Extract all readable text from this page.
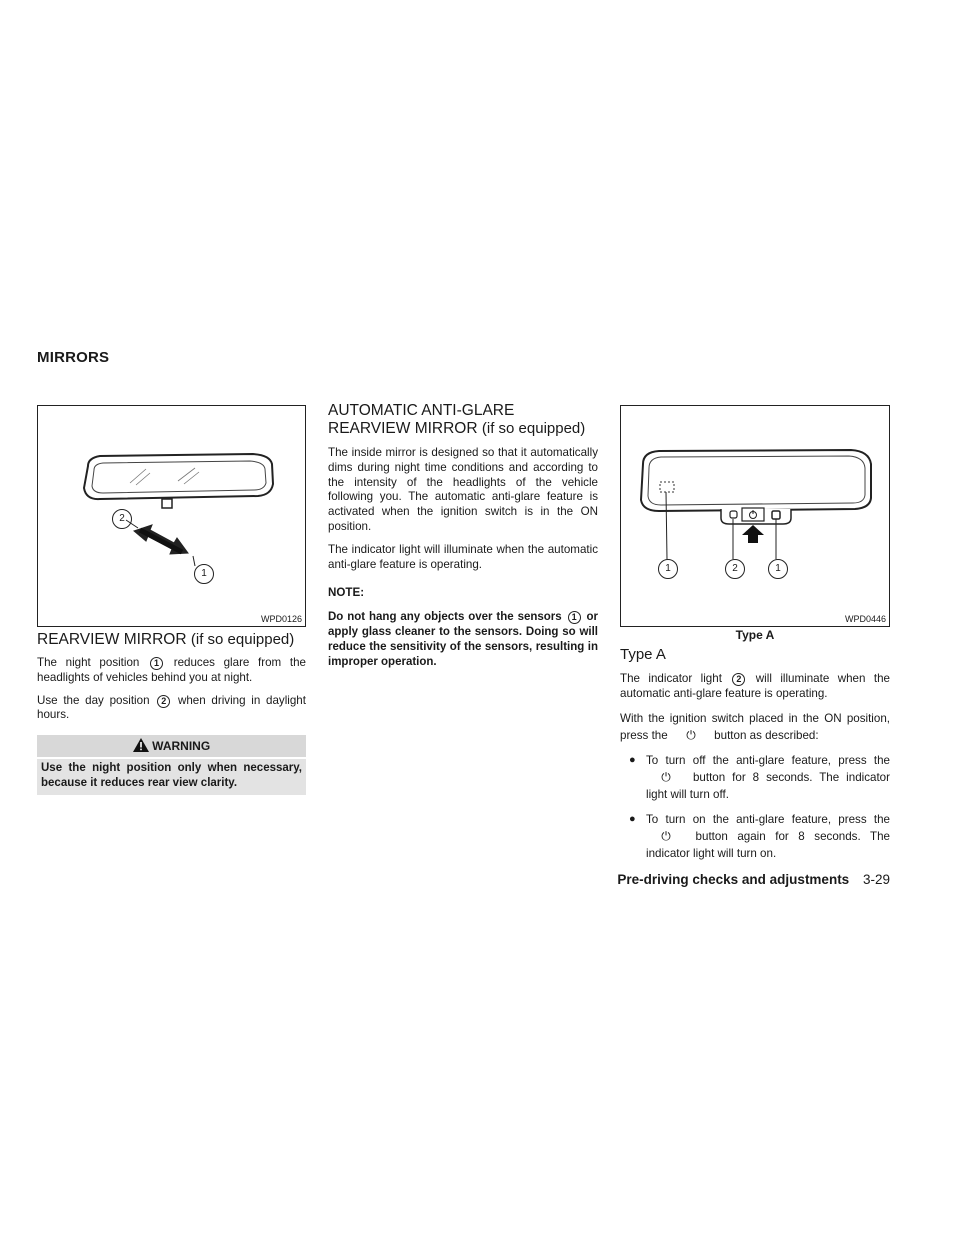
MIRRORS
2
1
WPD0126
REARVIEW MIRROR (if so equipped)

The night position 1 reduces glare from the headlights of vehicles behind you at night.

Use the day position 2 when driving in daylight hours.

WARNING
Use the night position only when necessary, because it reduces rear view clarity.
AUTOMATIC ANTI-GLARE
REARVIEW MIRROR (if so equipped)

The inside mirror is designed so that it automatically dims during night time conditions and according to the intensity of the headlights of the vehicle following you. The automatic anti-glare feature is activated when the ignition switch is in the ON position.

The indicator light will illuminate when the automatic anti-glare feature is operating.

NOTE:

Do not hang any objects over the sensors 1 or apply glass cleaner to the sensors. Doing so will reduce the sensitivity of the sensors, resulting in improper operation.
1	2	1
WPD0446
Type A
Type A

The indicator light 2 will illuminate when the automatic anti-glare feature is operating.

With the ignition switch placed in the ON position, press the ⏻ button as described:

● To turn off the anti-glare feature, press the ⏻ button for 8 seconds. The indicator light will turn off.
● To turn on the anti-glare feature, press the ⏻ button again for 8 seconds. The indicator light will turn on.
Pre-driving checks and adjustments 3-29
